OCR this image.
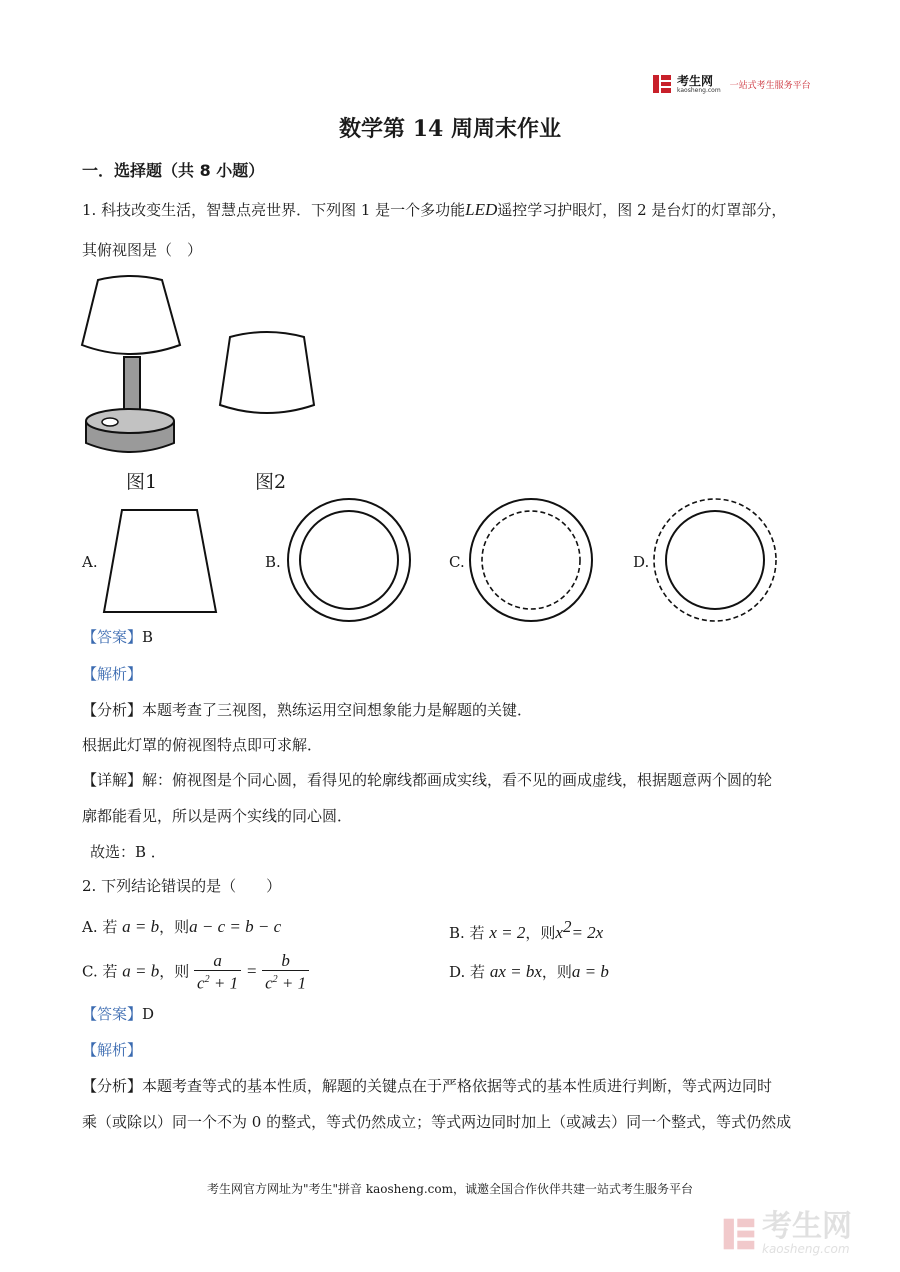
考生网
kaosheng.com 一站式考生服务平台
数学第 14 周周末作业
一．选择题（共 8 小题）
1. 科技改变生活，智慧点亮世界．下列图 1 是一个多功能LED遥控学习护眼灯，图 2 是台灯的灯罩部分，
其俯视图是（　）
图1	图2
A.	B.	C.	D.
【答案】B
【解析】
【分析】本题考查了三视图，熟练运用空间想象能力是解题的关键．
根据此灯罩的俯视图特点即可求解．
【详解】解：俯视图是个同心圆，看得见的轮廓线都画成实线，看不见的画成虚线，根据题意两个圆的轮
廓都能看见，所以是两个实线的同心圆．
故选：B ．
2. 下列结论错误的是（　　）
A. 若 a = b，则a − c = b − c	B. 若 x = 2，则$x^2= 2x$
C. 若 a = b，则 $\frac{a}{c^2 + 1} = \frac{b}{c^2 + 1}$	D. 若 ax = bx，则a = b
【答案】D
【解析】
【分析】本题考查等式的基本性质，解题的关键点在于严格依据等式的基本性质进行判断，等式两边同时
乘（或除以）同一个不为 0 的整式，等式仍然成立；等式两边同时加上（或减去）同一个整式，等式仍然成
考生网官方网址为"考生"拼音 kaosheng.com，诚邀全国合作伙伴共建一站式考生服务平台
考生网
kaosheng.com
